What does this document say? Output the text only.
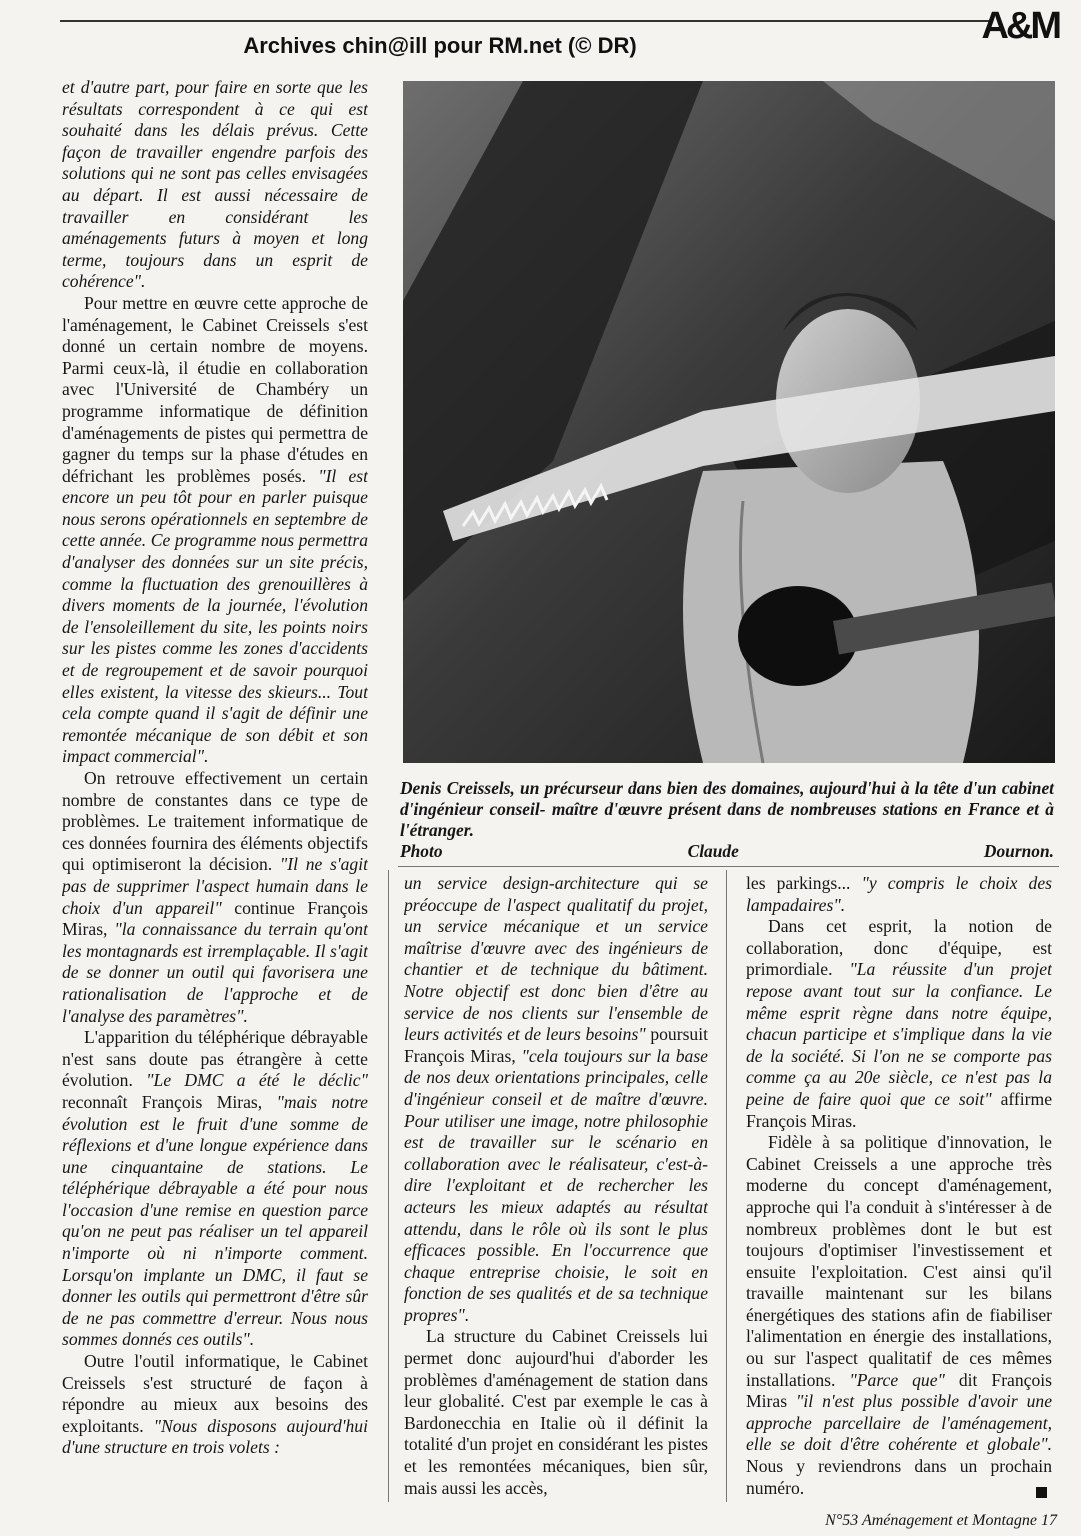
A&M
Archives chin@ill pour RM.net (© DR)

et d'autre part, pour faire en sorte que les résultats correspondent à ce qui est souhaité dans les délais prévus. Cette façon de travailler engendre parfois des solutions qui ne sont pas celles envisagées au départ. Il est aussi nécessaire de travailler en considérant les aménagements futurs à moyen et long terme, toujours dans un esprit de cohérence".

Pour mettre en œuvre cette approche de l'aménagement, le Cabinet Creissels s'est donné un certain nombre de moyens. Parmi ceux-là, il étudie en collaboration avec l'Université de Chambéry un programme informatique de définition d'aménagements de pistes qui permettra de gagner du temps sur la phase d'études en défrichant les problèmes posés. "Il est encore un peu tôt pour en parler puisque nous serons opérationnels en septembre de cette année. Ce programme nous permettra d'analyser des données sur un site précis, comme la fluctuation des grenouillères à divers moments de la journée, l'évolution de l'ensoleillement du site, les points noirs sur les pistes comme les zones d'accidents et de regroupement et de savoir pourquoi elles existent, la vitesse des skieurs... Tout cela compte quand il s'agit de définir une remontée mécanique de son débit et son impact commercial".

On retrouve effectivement un certain nombre de constantes dans ce type de problèmes. Le traitement informatique de ces données fournira des éléments objectifs qui optimiseront la décision. "Il ne s'agit pas de supprimer l'aspect humain dans le choix d'un appareil" continue François Miras, "la connaissance du terrain qu'ont les montagnards est irremplaçable. Il s'agit de se donner un outil qui favorisera une rationalisation de l'approche et de l'analyse des paramètres".

L'apparition du téléphérique débrayable n'est sans doute pas étrangère à cette évolution. "Le DMC a été le déclic" reconnaît François Miras, "mais notre évolution est le fruit d'une somme de réflexions et d'une longue expérience dans une cinquantaine de stations. Le téléphérique débrayable a été pour nous l'occasion d'une remise en question parce qu'on ne peut pas réaliser un tel appareil n'importe où ni n'importe comment. Lorsqu'on implante un DMC, il faut se donner les outils qui permettront d'être sûr de ne pas commettre d'erreur. Nous nous sommes donnés ces outils".

Outre l'outil informatique, le Cabinet Creissels s'est structuré de façon à répondre au mieux aux besoins des exploitants. "Nous disposons aujourd'hui d'une structure en trois volets :

Denis Creissels, un précurseur dans bien des domaines, aujourd'hui à la tête d'un cabinet d'ingénieur conseil- maître d'œuvre présent dans de nombreuses stations en France et à l'étranger.
Photo Claude Dournon.

un service design-architecture qui se préoccupe de l'aspect qualitatif du projet, un service mécanique et un service maîtrise d'œuvre avec des ingénieurs de chantier et de technique du bâtiment. Notre objectif est donc bien d'être au service de nos clients sur l'ensemble de leurs activités et de leurs besoins" poursuit François Miras, "cela toujours sur la base de nos deux orientations principales, celle d'ingénieur conseil et de maître d'œuvre. Pour utiliser une image, notre philosophie est de travailler sur le scénario en collaboration avec le réalisateur, c'est-à-dire l'exploitant et de rechercher les acteurs les mieux adaptés au résultat attendu, dans le rôle où ils sont le plus efficaces possible. En l'occurrence que chaque entreprise choisie, le soit en fonction de ses qualités et de sa technique propres".

La structure du Cabinet Creissels lui permet donc aujourd'hui d'aborder les problèmes d'aménagement de station dans leur globalité. C'est par exemple le cas à Bardonecchia en Italie où il définit la totalité d'un projet en considérant les pistes et les remontées mécaniques, bien sûr, mais aussi les accès,

les parkings... "y compris le choix des lampadaires".

Dans cet esprit, la notion de collaboration, donc d'équipe, est primordiale. "La réussite d'un projet repose avant tout sur la confiance. Le même esprit règne dans notre équipe, chacun participe et s'implique dans la vie de la société. Si l'on ne se comporte pas comme ça au 20e siècle, ce n'est pas la peine de faire quoi que ce soit" affirme François Miras.

Fidèle à sa politique d'innovation, le Cabinet Creissels a une approche très moderne du concept d'aménagement, approche qui l'a conduit à s'intéresser à de nombreux problèmes dont le but est toujours d'optimiser l'investissement et ensuite l'exploitation. C'est ainsi qu'il travaille maintenant sur les bilans énergétiques des stations afin de fiabiliser l'alimentation en énergie des installations, ou sur l'aspect qualitatif de ces mêmes installations. "Parce que" dit François Miras "il n'est plus possible d'avoir une approche parcellaire de l'aménagement, elle se doit d'être cohérente et globale". Nous y reviendrons dans un prochain numéro.

N°53 Aménagement et Montagne 17
